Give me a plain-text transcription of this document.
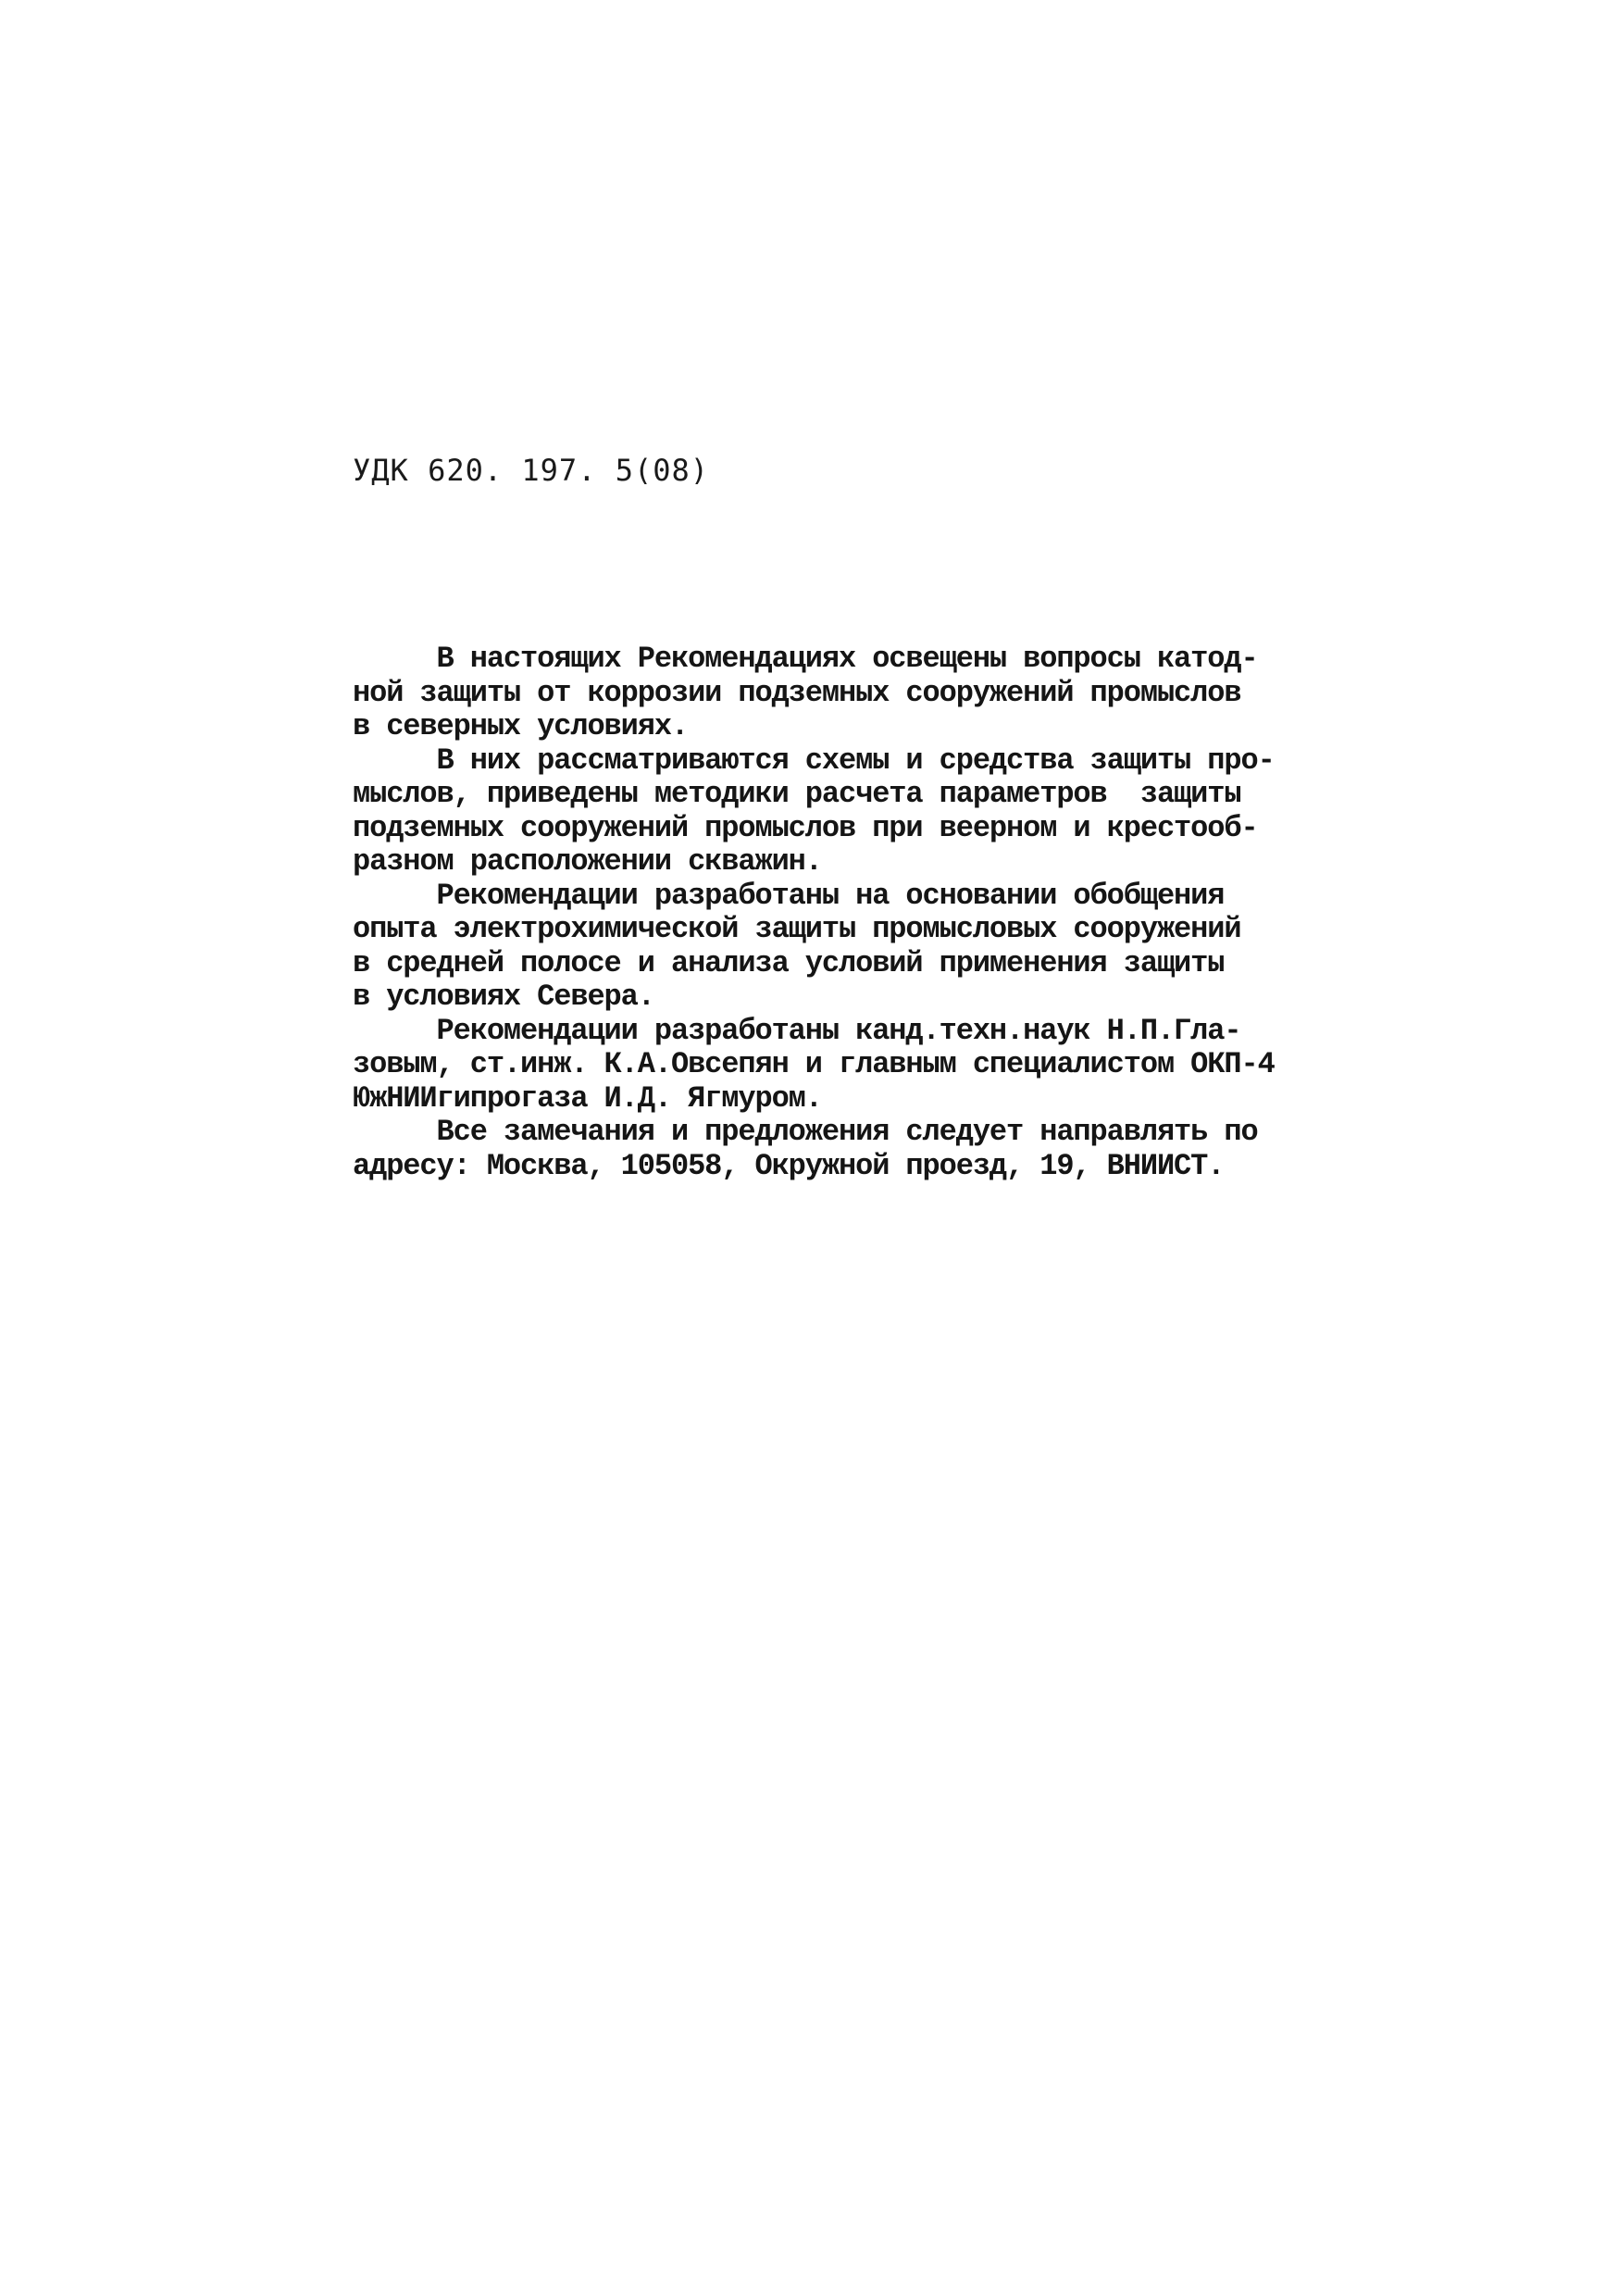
УДК 620. 197. 5(08)
В настоящих Рекомендациях освещены вопросы катод-
ной защиты от коррозии подземных сооружений промыслов
в северных условиях.
В них рассматриваются схемы и средства защиты про-
мыслов, приведены методики расчета параметров  защиты
подземных сооружений промыслов при веерном и крестооб-
разном расположении скважин.
Рекомендации разработаны на основании обобщения
опыта электрохимической защиты промысловых сооружений
в средней полосе и анализа условий применения защиты
в условиях Севера.
Рекомендации разработаны канд.техн.наук Н.П.Гла-
зовым, ст.инж. К.А.Овсепян и главным специалистом ОКП-4
ЮжНИИгипрогаза И.Д. Ягмуром.
Все замечания и предложения следует направлять по
адресу: Москва, 105058, Окружной проезд, 19, ВНИИСТ.
